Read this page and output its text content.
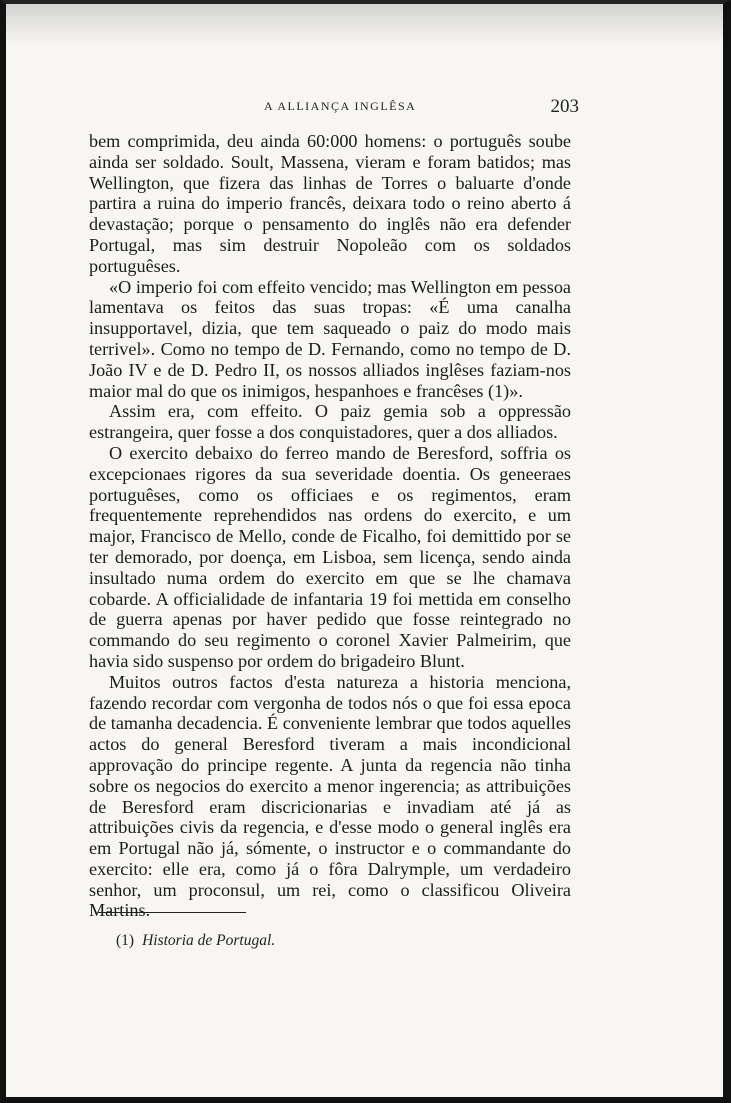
A ALLIANÇA INGLÊSA	203

bem comprimida, deu ainda 60:000 homens: o português soube ainda ser soldado. Soult, Massena, vieram e foram batidos; mas Wellington, que fizera das linhas de Torres o baluarte d'onde partira a ruina do imperio francês, deixara todo o reino aberto á devastação; porque o pensamento do inglês não era defender Portugal, mas sim destruir Nopoleão com os soldados portuguêses.

«O imperio foi com effeito vencido; mas Wellington em pessoa lamentava os feitos das suas tropas: «É uma canalha insupportavel, dizia, que tem saqueado o paiz do modo mais terrivel». Como no tempo de D. Fernando, como no tempo de D. João IV e de D. Pedro II, os nossos alliados inglêses faziam-nos maior mal do que os inimigos, hespanhoes e francêses (1)».

Assim era, com effeito. O paiz gemia sob a oppressão estrangeira, quer fosse a dos conquistadores, quer a dos alliados.

O exercito debaixo do ferreo mando de Beresford, soffria os excepcionaes rigores da sua severidade doentia. Os geneeraes portuguêses, como os officiaes e os regimentos, eram frequentemente reprehendidos nas ordens do exercito, e um major, Francisco de Mello, conde de Ficalho, foi demittido por se ter demorado, por doença, em Lisboa, sem licença, sendo ainda insultado numa ordem do exercito em que se lhe chamava cobarde. A officialidade de infantaria 19 foi mettida em conselho de guerra apenas por haver pedido que fosse reintegrado no commando do seu regimento o coronel Xavier Palmeirim, que havia sido suspenso por ordem do brigadeiro Blunt.

Muitos outros factos d'esta natureza a historia menciona, fazendo recordar com vergonha de todos nós o que foi essa epoca de tamanha decadencia. É conveniente lembrar que todos aquelles actos do general Beresford tiveram a mais incondicional approvação do principe regente. A junta da regencia não tinha sobre os negocios do exercito a menor ingerencia; as attribuições de Beresford eram discricionarias e invadiam até já as attribuições civis da regencia, e d'esse modo o general inglês era em Portugal não já, sómente, o instructor e o commandante do exercito: elle era, como já o fôra Dalrymple, um verdadeiro senhor, um proconsul, um rei, como o classificou Oliveira Martins.

(1) Historia de Portugal.
